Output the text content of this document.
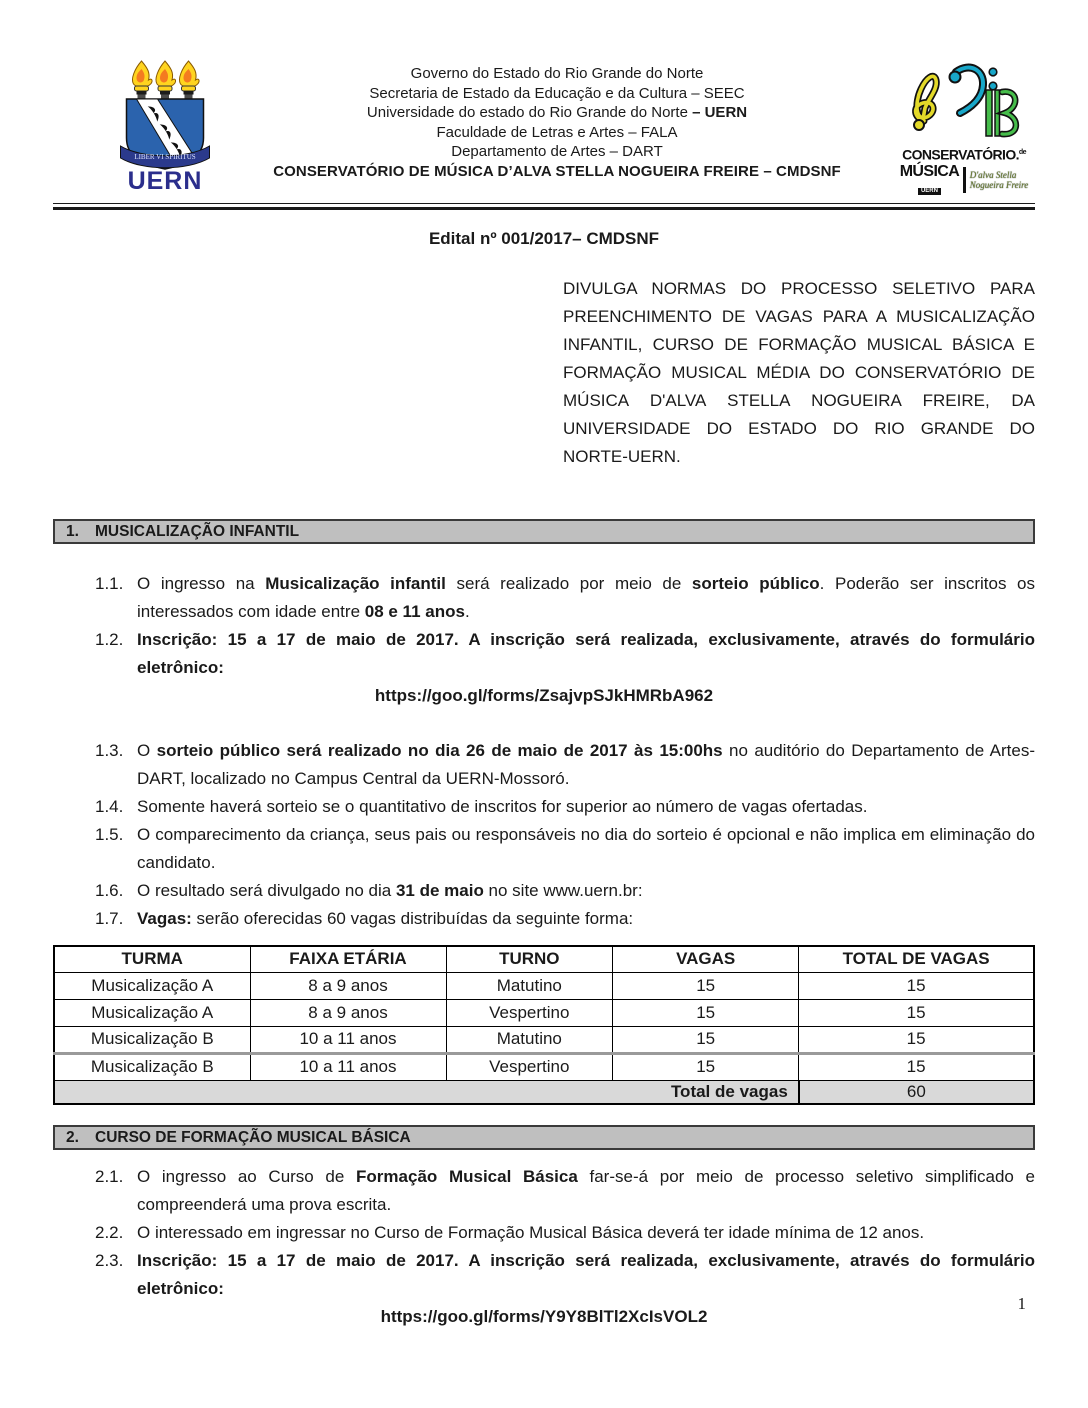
LIBER VI SPIRITUS
UERN
Governo do Estado do Rio Grande do Norte
Secretaria de Estado da Educação e da Cultura – SEEC
Universidade do estado do Rio Grande do Norte – UERN
Faculdade de Letras e Artes – FALA
Departamento de Artes – DART
CONSERVATÓRIO DE MÚSICA D’ALVA STELLA NOGUEIRA FREIRE – CMDSNF
CONSERVATÓRIO.$^{de}$
MÚSICA
UERN
D'alva Stella
Nogueira Freire
Edital nº 001/2017– CMDSNF
DIVULGA NORMAS DO PROCESSO SELETIVO PARA PREENCHIMENTO DE VAGAS PARA A MUSICALIZAÇÃO INFANTIL, CURSO DE FORMAÇÃO MUSICAL BÁSICA E FORMAÇÃO MUSICAL MÉDIA DO CONSERVATÓRIO DE MÚSICA D'ALVA STELLA NOGUEIRA FREIRE, DA UNIVERSIDADE DO ESTADO DO RIO GRANDE DO NORTE-UERN.
1.	MUSICALIZAÇÃO INFANTIL
1.1. O ingresso na Musicalização infantil será realizado por meio de sorteio público. Poderão ser inscritos os interessados com idade entre 08 e 11 anos.
1.2. Inscrição: 15 a 17 de maio de 2017. A inscrição será realizada, exclusivamente, através do formulário eletrônico:
https://goo.gl/forms/ZsajvpSJkHMRbA962
1.3. O sorteio público será realizado no dia 26 de maio de 2017 às 15:00hs no auditório do Departamento de Artes-DART, localizado no Campus Central da UERN-Mossoró.
1.4. Somente haverá sorteio se o quantitativo de inscritos for superior ao número de vagas ofertadas.
1.5. O comparecimento da criança, seus pais ou responsáveis no dia do sorteio é opcional e não implica em eliminação do candidato.
1.6. O resultado será divulgado no dia 31 de maio no site www.uern.br:
1.7. Vagas: serão oferecidas 60 vagas distribuídas da seguinte forma:
TURMA	FAIXA ETÁRIA	TURNO	VAGAS	TOTAL DE VAGAS
Musicalização A	8 a 9 anos	Matutino	15	15
Musicalização A	8 a 9 anos	Vespertino	15	15
Musicalização B	10 a 11 anos	Matutino	15	15
Musicalização B	10 a 11 anos	Vespertino	15	15
Total de vagas				60
2.	CURSO DE FORMAÇÃO MUSICAL BÁSICA
2.1. O ingresso ao Curso de Formação Musical Básica far-se-á por meio de processo seletivo simplificado e compreenderá uma prova escrita.
2.2. O interessado em ingressar no Curso de Formação Musical Básica deverá ter idade mínima de 12 anos.
2.3. Inscrição: 15 a 17 de maio de 2017. A inscrição será realizada, exclusivamente, através do formulário eletrônico:
https://goo.gl/forms/Y9Y8BlTl2XcIsVOL2
1
